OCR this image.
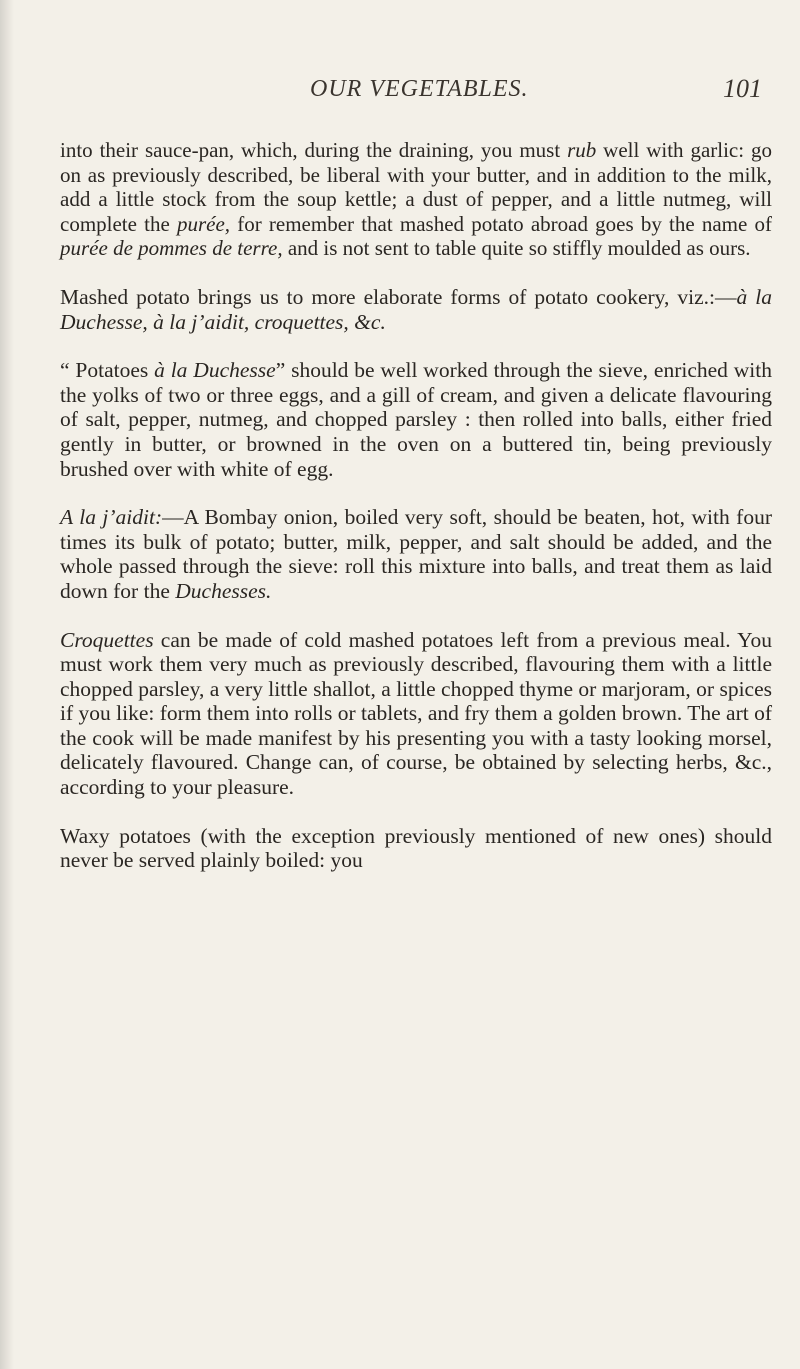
OUR VEGETABLES.	101

into their sauce-pan, which, during the draining, you must rub well with garlic: go on as previously described, be liberal with your butter, and in addition to the milk, add a little stock from the soup kettle; a dust of pepper, and a little nutmeg, will complete the purée, for remember that mashed potato abroad goes by the name of purée de pommes de terre, and is not sent to table quite so stiffly moulded as ours.

Mashed potato brings us to more elaborate forms of potato cookery, viz.:—à la Duchesse, à la j’aidit, croquettes, &c.

“ Potatoes à la Duchesse” should be well worked through the sieve, enriched with the yolks of two or three eggs, and a gill of cream, and given a delicate flavouring of salt, pepper, nutmeg, and chopped parsley : then rolled into balls, either fried gently in butter, or browned in the oven on a buttered tin, being previously brushed over with white of egg.

A la j’aidit:—A Bombay onion, boiled very soft, should be beaten, hot, with four times its bulk of potato; butter, milk, pepper, and salt should be added, and the whole passed through the sieve: roll this mixture into balls, and treat them as laid down for the Duchesses.

Croquettes can be made of cold mashed potatoes left from a previous meal. You must work them very much as previously described, flavouring them with a little chopped parsley, a very little shallot, a little chopped thyme or marjoram, or spices if you like: form them into rolls or tablets, and fry them a golden brown. The art of the cook will be made manifest by his presenting you with a tasty looking morsel, delicately flavoured. Change can, of course, be obtained by selecting herbs, &c., according to your pleasure.

Waxy potatoes (with the exception previously mentioned of new ones) should never be served plainly boiled: you
